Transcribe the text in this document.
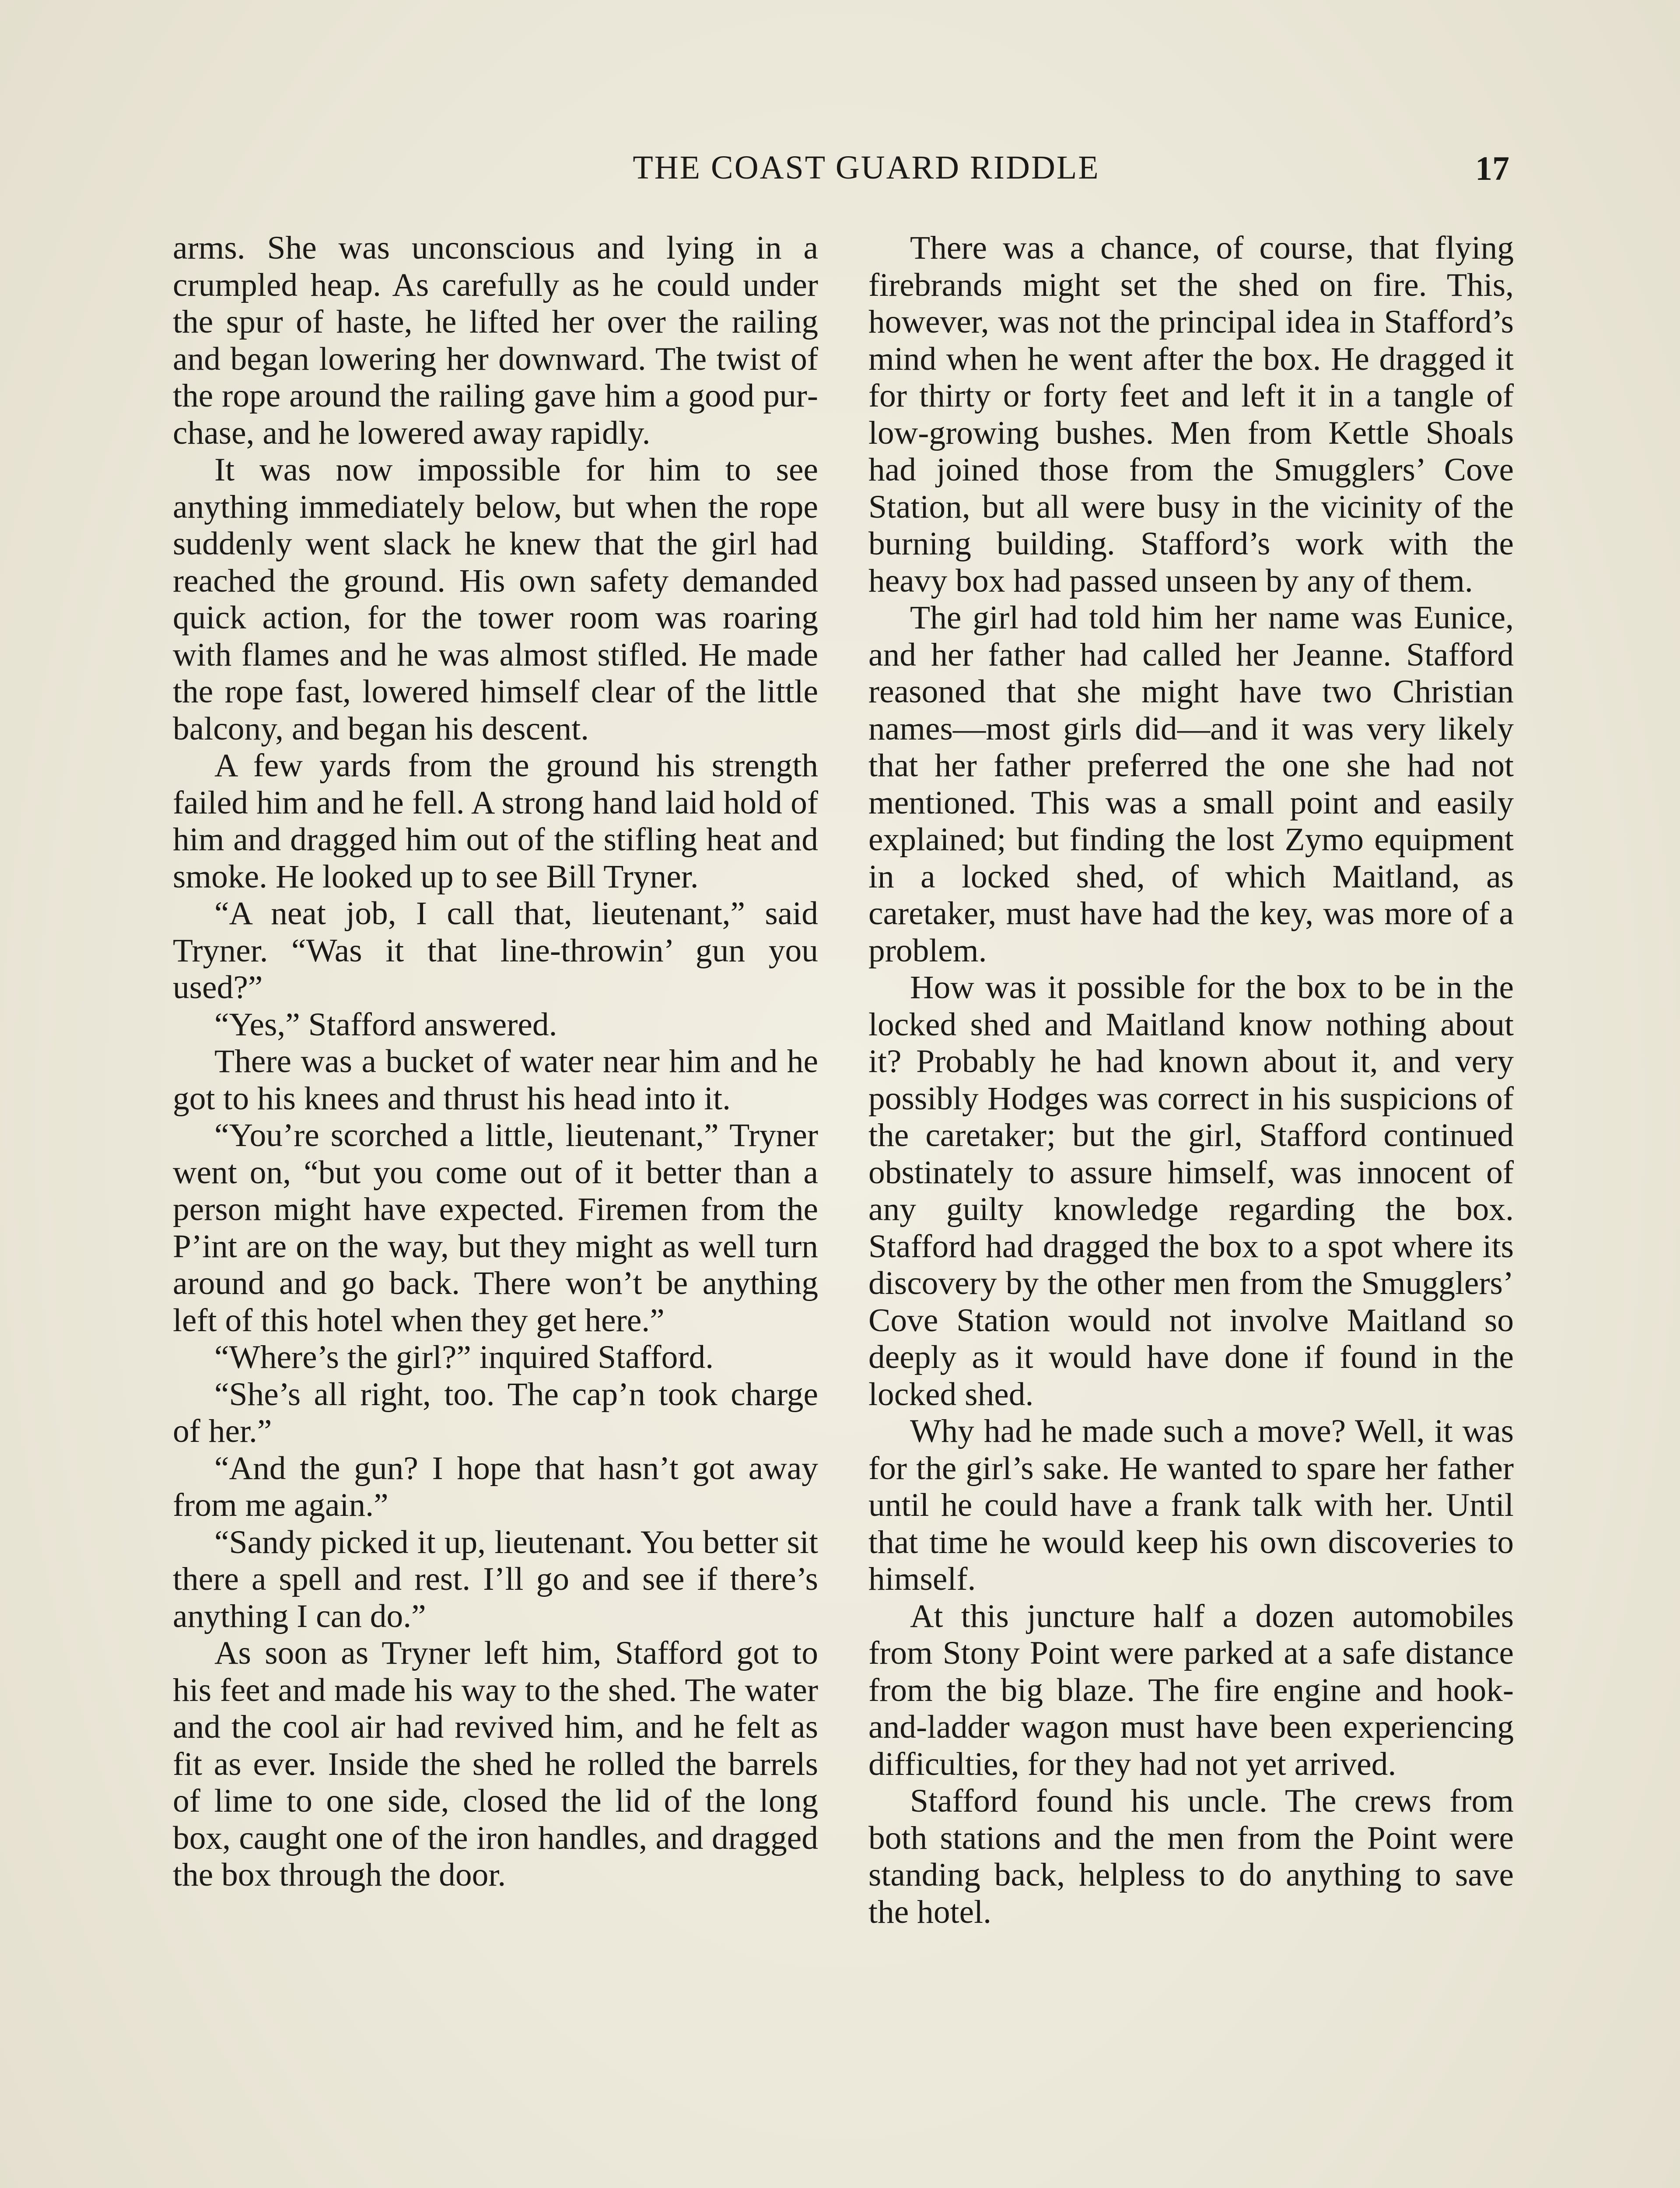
THE COAST GUARD RIDDLE	17

arms. She was unconscious and lying in a crumpled heap. As carefully as he could under the spur of haste, he lifted her over the railing and began lowering her downward. The twist of the rope around the railing gave him a good purchase, and he lowered away rapidly.

It was now impossible for him to see anything immediately below, but when the rope suddenly went slack he knew that the girl had reached the ground. His own safety demanded quick action, for the tower room was roaring with flames and he was almost stifled. He made the rope fast, lowered himself clear of the little balcony, and began his descent.

A few yards from the ground his strength failed him and he fell. A strong hand laid hold of him and dragged him out of the stifling heat and smoke. He looked up to see Bill Tryner.

“A neat job, I call that, lieutenant,” said Tryner. “Was it that line-throwin’ gun you used?”

“Yes,” Stafford answered.

There was a bucket of water near him and he got to his knees and thrust his head into it.

“You’re scorched a little, lieutenant,” Tryner went on, “but you come out of it better than a person might have expected. Firemen from the P’int are on the way, but they might as well turn around and go back. There won’t be anything left of this hotel when they get here.”

“Where’s the girl?” inquired Stafford.

“She’s all right, too. The cap’n took charge of her.”

“And the gun? I hope that hasn’t got away from me again.”

“Sandy picked it up, lieutenant. You better sit there a spell and rest. I’ll go and see if there’s anything I can do.”

As soon as Tryner left him, Stafford got to his feet and made his way to the shed. The water and the cool air had revived him, and he felt as fit as ever. Inside the shed he rolled the barrels of lime to one side, closed the lid of the long box, caught one of the iron handles, and dragged the box through the door.

There was a chance, of course, that flying firebrands might set the shed on fire. This, however, was not the principal idea in Stafford’s mind when he went after the box. He dragged it for thirty or forty feet and left it in a tangle of low-growing bushes. Men from Kettle Shoals had joined those from the Smugglers’ Cove Station, but all were busy in the vicinity of the burning building. Stafford’s work with the heavy box had passed unseen by any of them.

The girl had told him her name was Eunice, and her father had called her Jeanne. Stafford reasoned that she might have two Christian names—most girls did—and it was very likely that her father preferred the one she had not mentioned. This was a small point and easily explained; but finding the lost Zymo equipment in a locked shed, of which Maitland, as caretaker, must have had the key, was more of a problem.

How was it possible for the box to be in the locked shed and Maitland know nothing about it? Probably he had known about it, and very possibly Hodges was correct in his suspicions of the caretaker; but the girl, Stafford continued obstinately to assure himself, was innocent of any guilty knowledge regarding the box. Stafford had dragged the box to a spot where its discovery by the other men from the Smugglers’ Cove Station would not involve Maitland so deeply as it would have done if found in the locked shed.

Why had he made such a move? Well, it was for the girl’s sake. He wanted to spare her father until he could have a frank talk with her. Until that time he would keep his own discoveries to himself.

At this juncture half a dozen automobiles from Stony Point were parked at a safe distance from the big blaze. The fire engine and hook-and-ladder wagon must have been experiencing difficulties, for they had not yet arrived.

Stafford found his uncle. The crews from both stations and the men from the Point were standing back, helpless to do anything to save the hotel.
